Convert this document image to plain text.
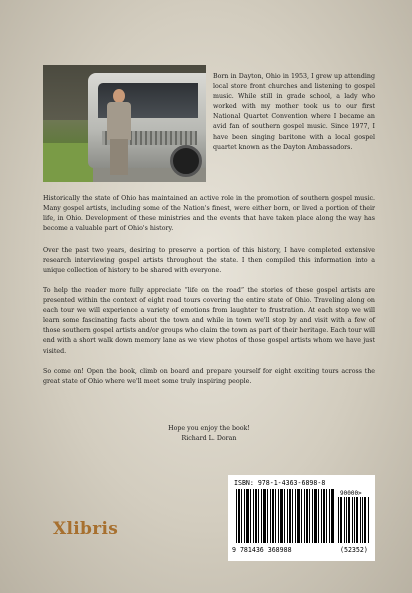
Born in Dayton, Ohio in 1953, I grew up attending local store front churches and listening to gospel music. While still in grade school, a lady who worked with my mother took us to our first National Quartet Convention where I became an avid fan of southern gospel music. Since 1977, I have been singing baritone with a local gospel quartet known as the Dayton Ambassadors.
Historically the state of Ohio has maintained an active role in the promotion of southern gospel music. Many gospel artists, including some of the Nation's finest, were either born, or lived a portion of their life, in Ohio. Development of these ministries and the events that have taken place along the way has become a valuable part of Ohio's history.
Over the past two years, desiring to preserve a portion of this history, I have completed extensive research interviewing gospel artists throughout the state. I then compiled this information into a unique collection of history to be shared with everyone.
To help the reader more fully appreciate “life on the road” the stories of these gospel artists are presented within the context of eight road tours covering the entire state of Ohio. Traveling along on each tour we will experience a variety of emotions from laughter to frustration. At each stop we will learn some fascinating facts about the town and while in town we'll stop by and visit with a few of those southern gospel artists and/or groups who claim the town as part of their heritage. Each tour will end with a short walk down memory lane as we view photos of those gospel artists whom we have just visited.
So come on! Open the book, climb on board and prepare yourself for eight exciting tours across the great state of Ohio where we'll meet some truly inspiring people.
Hope you enjoy the book!
Richard L. Doran
Xlibris
ISBN: 978-1-4363-6898-8
90000>
9 781436 368988	(52352)
